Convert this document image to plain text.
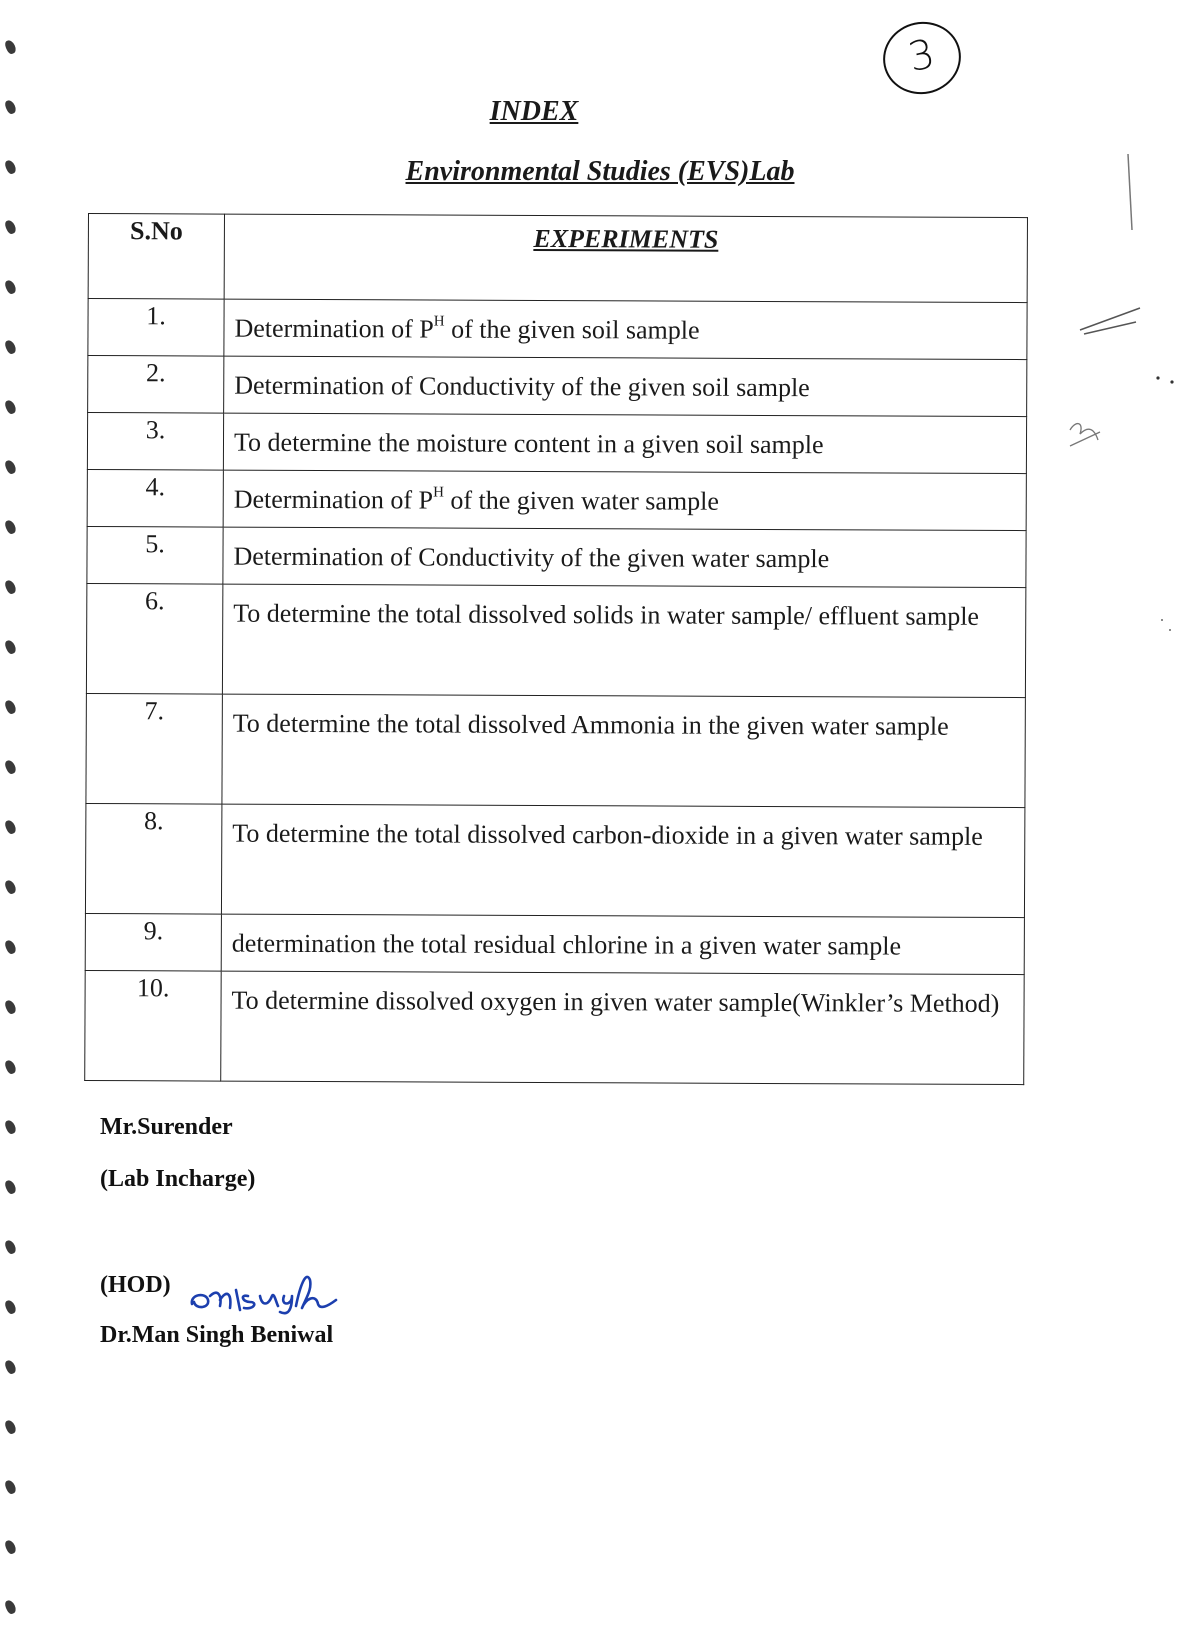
3
INDEX
Environmental Studies (EVS)Lab
S.No	EXPERIMENTS
1.	Determination of $P^H$ of the given soil sample
2.	Determination of Conductivity of the given soil sample
3.	To determine the moisture content in a given soil sample
4.	Determination of $P^H$ of the given water sample
5.	Determination of Conductivity of the given water sample
6.	To determine the total dissolved solids in water sample/ effluent sample
7.	To determine the total dissolved Ammonia in the given water sample
8.	To determine the total dissolved carbon-dioxide in a given water sample
9.	determination the total residual chlorine in a given water sample
10.	To determine dissolved oxygen in given water sample(Winkler’s Method)
Mr.Surender
(Lab Incharge)
(HOD)
Dr.Man Singh Beniwal
